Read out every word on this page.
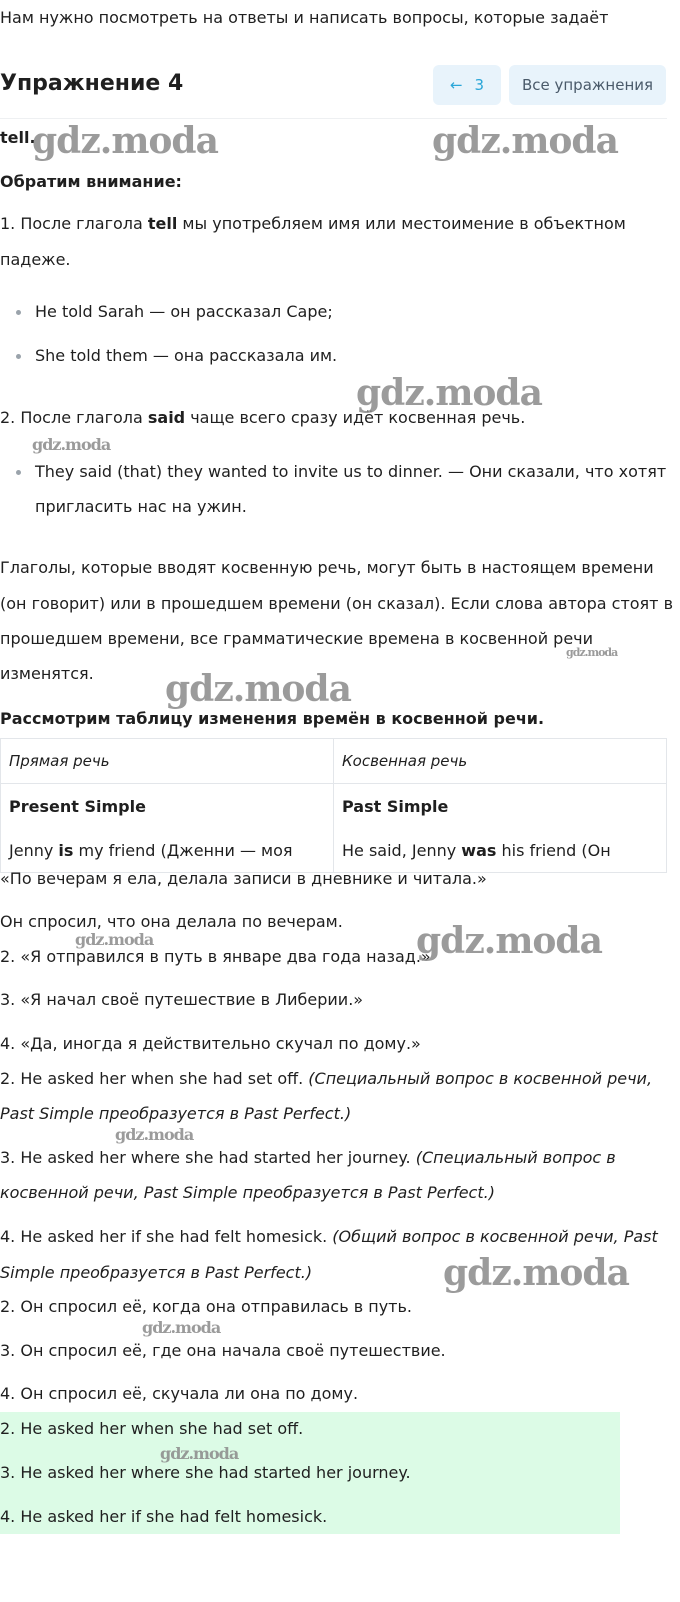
Нам нужно посмотреть на ответы и написать вопросы, которые задаёт
Упражнение 4	← 3	Все упражнения
tell.
Обратим внимание:
1. После глагола tell мы употребляем имя или местоимение в объектном
падеже.
He told Sarah — он рассказал Саре;
She told them — она рассказала им.
2. После глагола said чаще всего сразу идёт косвенная речь.
They said (that) they wanted to invite us to dinner. — Они сказали, что хотят
пригласить нас на ужин.
Глаголы, которые вводят косвенную речь, могут быть в настоящем времени
(он говорит) или в прошедшем времени (он сказал). Если слова автора стоят в
прошедшем времени, все грамматические времена в косвенной речи
изменятся.
Рассмотрим таблицу изменения времён в косвенной речи.
Прямая речь	Косвенная речь
Present Simple	Past Simple
Jenny is my friend (Дженни — моя	He said, Jenny was his friend (Он
«По вечерам я ела, делала записи в дневнике и читала.»
Он спросил, что она делала по вечерам.
2. «Я отправился в путь в январе два года назад.»
3. «Я начал своё путешествие в Либерии.»
4. «Да, иногда я действительно скучал по дому.»
2. He asked her when she had set off. (Специальный вопрос в косвенной речи,
Past Simple преобразуется в Past Perfect.)
3. He asked her where she had started her journey. (Специальный вопрос в
косвенной речи, Past Simple преобразуется в Past Perfect.)
4. He asked her if she had felt homesick. (Общий вопрос в косвенной речи, Past
Simple преобразуется в Past Perfect.)
2. Он спросил её, когда она отправилась в путь.
3. Он спросил её, где она начала своё путешествие.
4. Он спросил её, скучала ли она по дому.
2. He asked her when she had set off.
3. He asked her where she had started her journey.
4. He asked her if she had felt homesick.
gdz.moda	gdz.moda
gdz.moda
gdz.moda
gdz.moda
gdz.moda
gdz.moda	gdz.moda
gdz.moda
gdz.moda
gdz.moda
gdz.moda
